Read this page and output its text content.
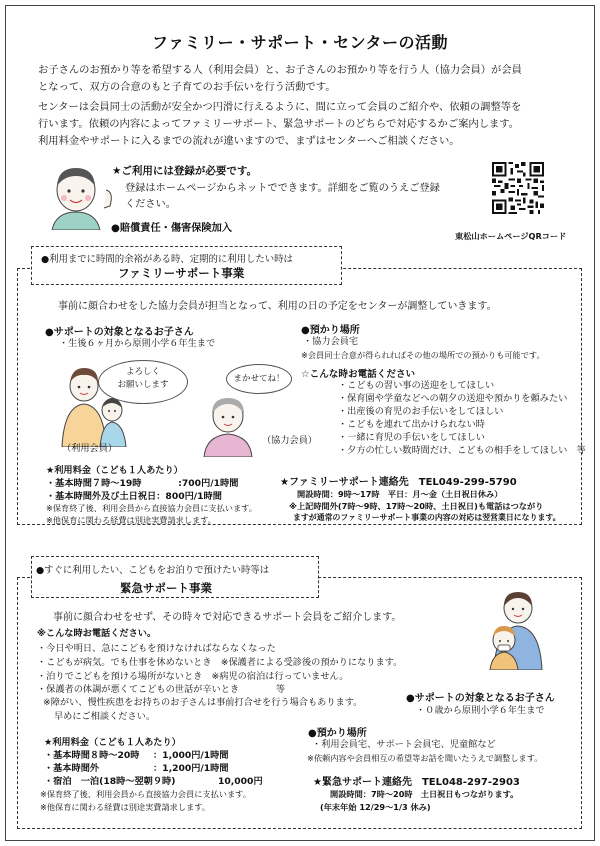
ファミリー・サポート・センターの活動
お子さんのお預かり等を希望する人（利用会員）と、お子さんのお預かり等を行う人（協力会員）が会員
となって、双方の合意のもと子育てのお手伝いを行う活動です。
センターは会員同士の活動が安全かつ円滑に行えるように、間に立って会員のご紹介や、依頼の調整等を
行います。依頼の内容によってファミリーサポート、緊急サポートのどちらで対応するかご案内します。
利用料金やサポートに入るまでの流れが違いますので、まずはセンターへご相談ください。
★ご利用には登録が必要です。
登録はホームページからネットでできます。詳細をご覧のうえご登録
ください。
●賠償責任・傷害保険加入
東松山ホームページQRコード
●利用までに時間的余裕がある時、定期的に利用したい時は
ファミリーサポート事業
事前に顔合わせをした協力会員が担当となって、利用の日の予定をセンターが調整していきます。
●サポートの対象となるお子さん
・生後６ヶ月から原則小学６年生まで
●預かり場所
・協力会員宅
※会員同士合意が得られればその他の場所での預かりも可能です。
よろしく
お願いします
まかせてね！
（利用会員）
（協力会員）
☆こんな時お電話ください
・こどもの習い事の送迎をしてほしい
・保育園や学童などへの朝夕の送迎や預かりを頼みたい
・出産後の育児のお手伝いをしてほしい
・こどもを連れて出かけられない時
・一緒に育児の手伝いをしてほしい
・夕方の忙しい数時間だけ、こどもの相手をしてほしい　等
★利用料金（こども１人あたり）
・基本時間７時～19時　　　　:700円/1時間
・基本時間外及び土日祝日：800円/1時間
※保育終了後、利用会員から直接協力会員に支払います。
※他保育に関わる経費は別途実費請求します。
★ファミリーサポート連絡先　TEL049-299-5790
開設時間：9時～17時　平日：月～金（土日祝日休み）
※上記時間外(7時～9時、17時～20時、土日祝日)も電話はつながり
ますが通常のファミリーサポート事業の内容の対応は翌営業日になります。
●すぐに利用したい、こどもをお泊りで預けたい時等は
緊急サポート事業
事前に顔合わせをせず、その時々で対応できるサポート会員をご紹介します。
※こんな時お電話ください。
・今日や明日、急にこどもを預けなければならなくなった
・こどもが病気。でも仕事を休めないとき　※保護者による受診後の預かりになります。
・泊りでこどもを預ける場所がないとき　※病児の宿泊は行っていません。
・保護者の体調が悪くてこどもの世話が辛いとき　　　　等
※障がい、慢性疾患をお持ちのお子さんは事前打合せを行う場合もあります。
早めにご相談ください。
●サポートの対象となるお子さん
・０歳から原則小学６年生まで
●預かり場所
・利用会員宅、サポート会員宅、児童館など
※依頼内容や会員相互の希望等お話を聞いたうえで調整します。
★利用料金（こども１人あたり）
・基本時間８時～20時 ：1,000円/1時間
・基本時間外	：1,200円/1時間
・宿泊　一泊(18時～翌朝９時)	10,000円
※保育終了後、利用会員から直接協力会員に支払います。
※他保育に関わる経費は別途実費請求します。
★緊急サポート連絡先　TEL048-297-2903
開設時間：7時～20時　土日祝日もつながります。
(年末年始 12/29～1/3 休み)
